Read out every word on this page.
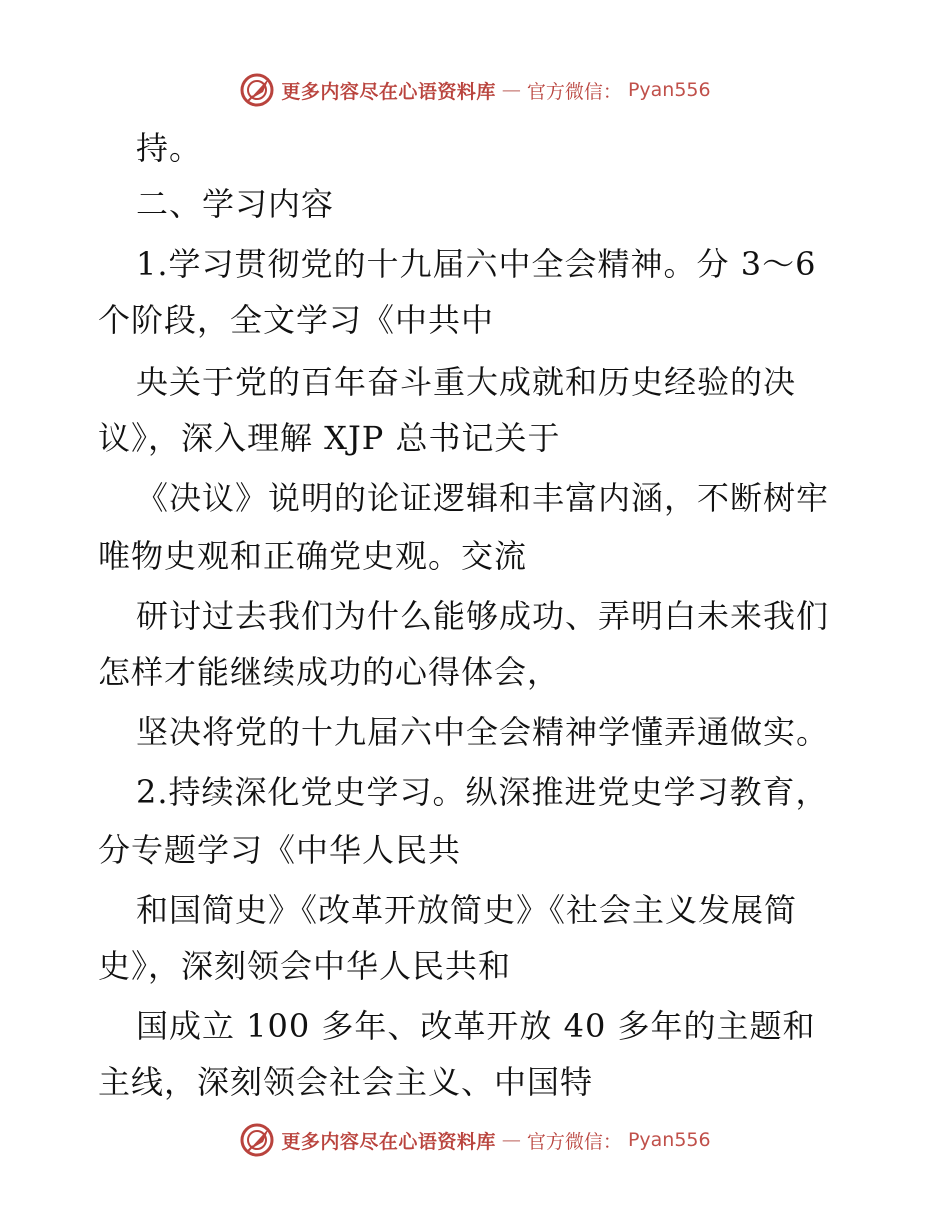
更多内容尽在心语资料库 — 官方微信： Pyan556
持。
二、学习内容
1.学习贯彻党的十九届六中全会精神。分 3～6
个阶段，全文学习《中共中
央关于党的百年奋斗重大成就和历史经验的决
议》，深入理解 XJP 总书记关于
《决议》说明的论证逻辑和丰富内涵，不断树牢
唯物史观和正确党史观。交流
研讨过去我们为什么能够成功、弄明白未来我们
怎样才能继续成功的心得体会，
坚决将党的十九届六中全会精神学懂弄通做实。
2.持续深化党史学习。纵深推进党史学习教育，
分专题学习《中华人民共
和国简史》《改革开放简史》《社会主义发展简
史》，深刻领会中华人民共和
国成立 100 多年、改革开放 40 多年的主题和
主线，深刻领会社会主义、中国特
更多内容尽在心语资料库 — 官方微信： Pyan556
